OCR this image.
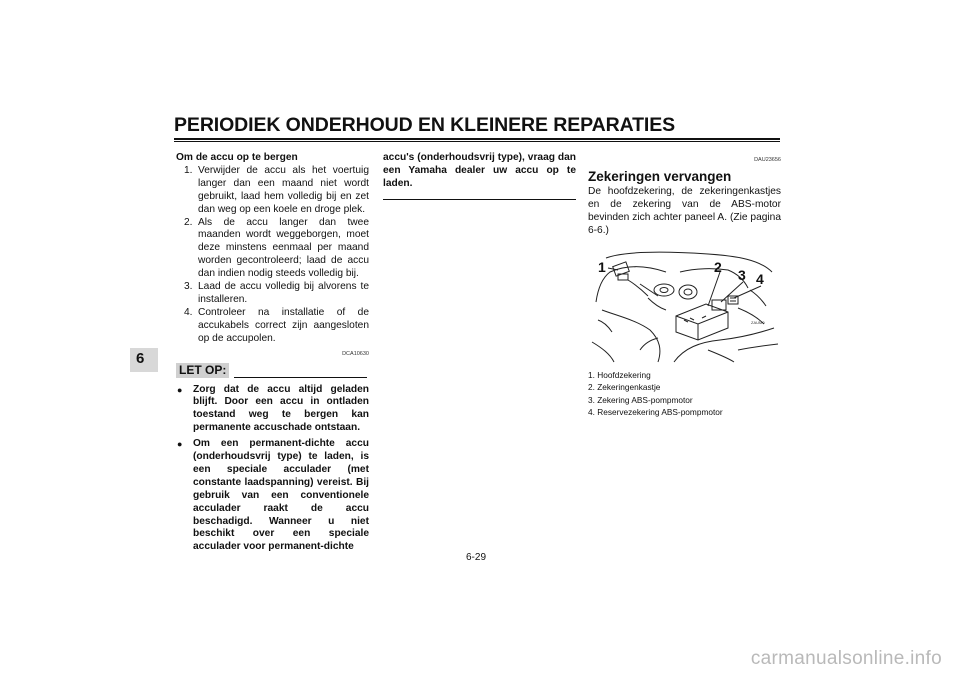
PERIODIEK ONDERHOUD EN KLEINERE REPARATIES
6
Om de accu op te bergen
1. Verwijder de accu als het voertuig langer dan een maand niet wordt gebruikt, laad hem volledig bij en zet dan weg op een koele en droge plek.
2. Als de accu langer dan twee maanden wordt weggeborgen, moet deze minstens eenmaal per maand worden gecontroleerd; laad de accu dan indien nodig steeds volledig bij.
3. Laad de accu volledig bij alvorens te installeren.
4. Controleer na installatie of de accukabels correct zijn aangesloten op de accupolen.
DCA10630
LET OP:
●	Zorg dat de accu altijd geladen blijft. Door een accu in ontladen toestand weg te bergen kan permanente accuschade ontstaan.
●	Om een permanent-dichte accu (onderhoudsvrij type) te laden, is een speciale acculader (met constante laadspanning) vereist. Bij gebruik van een conventionele acculader raakt de accu beschadigd. Wanneer u niet beschikt over een speciale acculader voor permanent-dichte
accu's (onderhoudsvrij type), vraag dan een Yamaha dealer uw accu op te laden.
DAU23656
Zekeringen vervangen
De hoofdzekering, de zekeringenkastjes en de zekering van de ABS-motor bevinden zich achter paneel A. (Zie pagina 6-6.)
1	2 3 4
ZAUM0
1. Hoofdzekering
2. Zekeringenkastje
3. Zekering ABS-pompmotor
4. Reservezekering ABS-pompmotor
6-29
carmanualsonline.info
